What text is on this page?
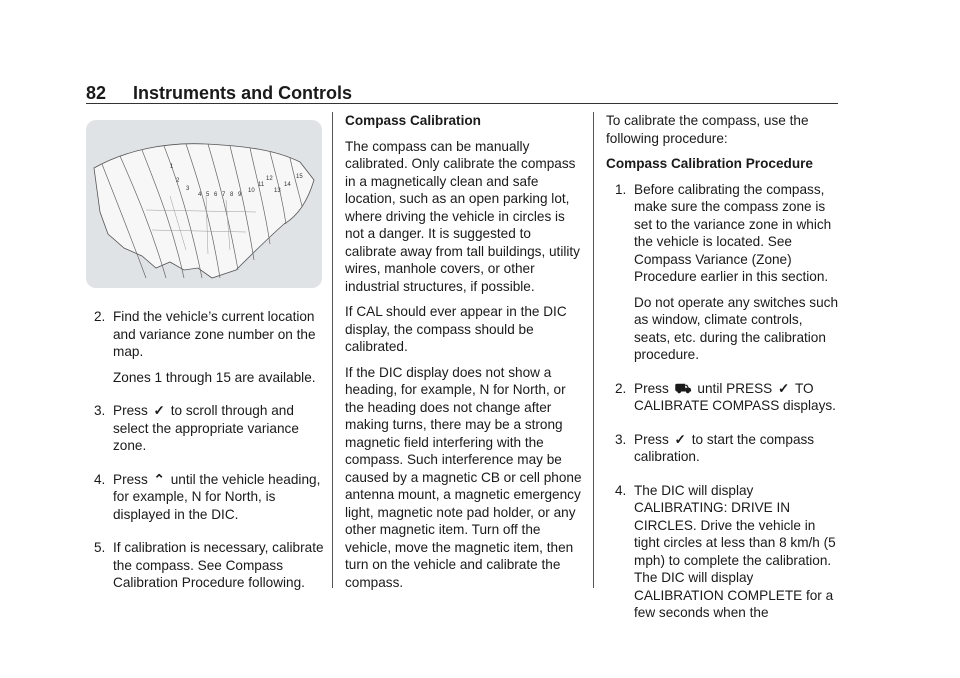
82 Instruments and Controls
1
2
3
4 5 6 7 8 9
10
11
12
13
14
15
2. Find the vehicle’s current location and variance zone number on the map.

Zones 1 through 15 are available.

3. Press ✓ to scroll through and select the appropriate variance zone.

4. Press ⌃ until the vehicle heading, for example, N for North, is displayed in the DIC.

5. If calibration is necessary, calibrate the compass. See Compass Calibration Procedure following.

Compass Calibration

The compass can be manually calibrated. Only calibrate the compass in a magnetically clean and safe location, such as an open parking lot, where driving the vehicle in circles is not a danger. It is suggested to calibrate away from tall buildings, utility wires, manhole covers, or other industrial structures, if possible.

If CAL should ever appear in the DIC display, the compass should be calibrated.

If the DIC display does not show a heading, for example, N for North, or the heading does not change after making turns, there may be a strong magnetic field interfering with the compass. Such interference may be caused by a magnetic CB or cell phone antenna mount, a magnetic emergency light, magnetic note pad holder, or any other magnetic item. Turn off the vehicle, move the magnetic item, then turn on the vehicle and calibrate the compass.

To calibrate the compass, use the following procedure:

Compass Calibration Procedure

1. Before calibrating the compass, make sure the compass zone is set to the variance zone in which the vehicle is located. See Compass Variance (Zone) Procedure earlier in this section.

Do not operate any switches such as window, climate controls, seats, etc. during the calibration procedure.

2. Press ⛟ until PRESS ✓ TO CALIBRATE COMPASS displays.

3. Press ✓ to start the compass calibration.

4. The DIC will display CALIBRATING: DRIVE IN CIRCLES. Drive the vehicle in tight circles at less than 8 km/h (5 mph) to complete the calibration. The DIC will display CALIBRATION COMPLETE for a few seconds when the
